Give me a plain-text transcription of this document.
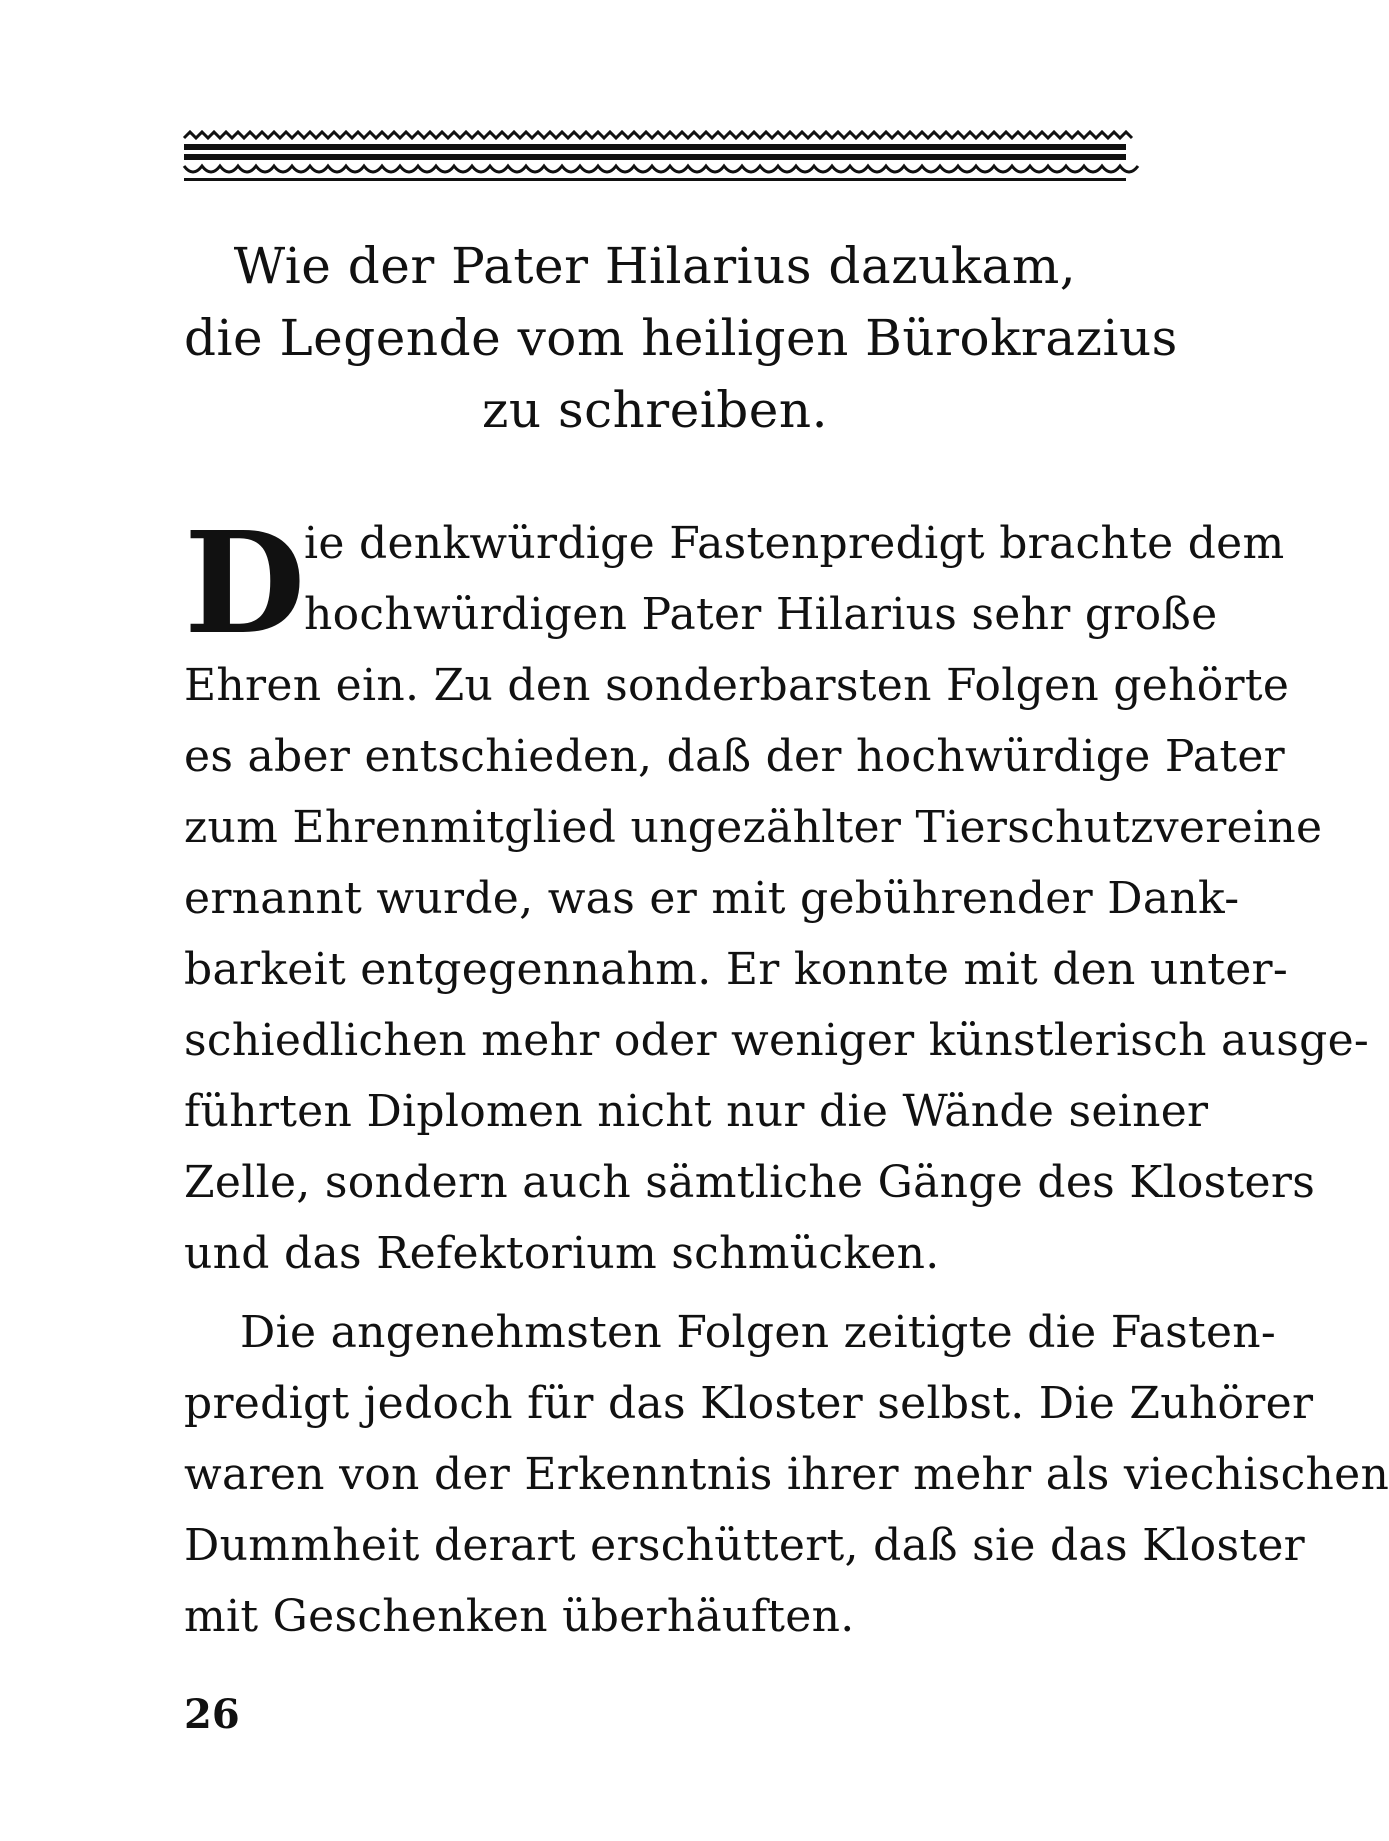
Wie der Pater Hilarius dazukam,
die Legende vom heiligen Bürokrazius
zu schreiben.

D
ie denkwürdige Fastenpredigt brachte dem
hochwürdigen Pater Hilarius sehr große
Ehren ein. Zu den sonderbarsten Folgen gehörte
es aber entschieden, daß der hochwürdige Pater
zum Ehrenmitglied ungezählter Tierschutzvereine
ernannt wurde, was er mit gebührender Dank-
barkeit entgegennahm. Er konnte mit den unter-
schiedlichen mehr oder weniger künstlerisch ausge-
führten Diplomen nicht nur die Wände seiner
Zelle, sondern auch sämtliche Gänge des Klosters
und das Refektorium schmücken.

Die angenehmsten Folgen zeitigte die Fasten-
predigt jedoch für das Kloster selbst. Die Zuhörer
waren von der Erkenntnis ihrer mehr als viechischen
Dummheit derart erschüttert, daß sie das Kloster
mit Geschenken überhäuften.

26
